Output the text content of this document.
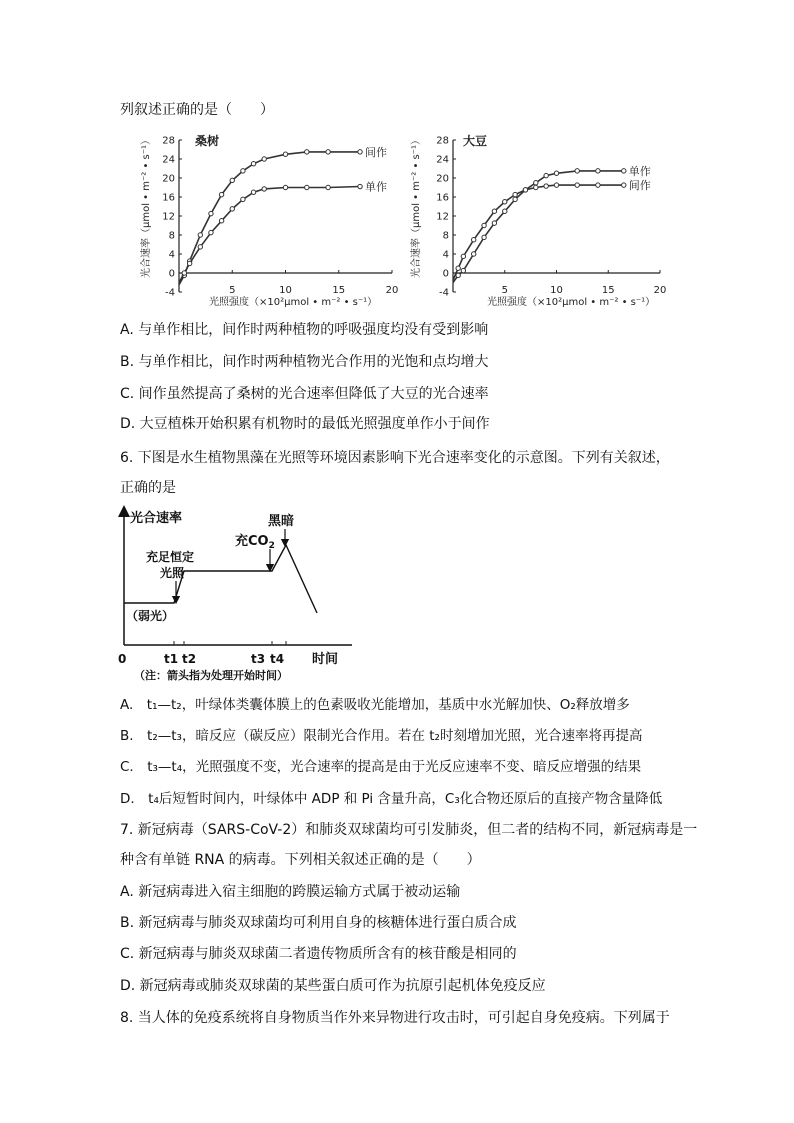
列叙述正确的是（　　）
桑树
光合速率（μmol • m⁻² • s⁻¹）
光照强度（×10²μmol • m⁻² • s⁻¹）
28
24
20
16
12
8
4
0
-4	5	10	15	20
间作
单作
大豆
光合速率（μmol • m⁻² • s⁻¹）
光照强度（×10²μmol • m⁻² • s⁻¹）
28
24
20
16
12
8
4
0
-4	5	10	15	20
单作
间作
A. 与单作相比，间作时两种植物的呼吸强度均没有受到影响
B. 与单作相比，间作时两种植物光合作用的光饱和点均增大
C. 间作虽然提高了桑树的光合速率但降低了大豆的光合速率
D. 大豆植株开始积累有机物时的最低光照强度单作小于间作
6. 下图是水生植物黑藻在光照等环境因素影响下光合速率变化的示意图。下列有关叙述，
正确的是
光合速率
时间
0
（弱光）
充足恒定
光照
充$CO_2$
黑暗
t1 t2	t3 t4
（注：箭头指为处理开始时间）
A.　t₁—t₂，叶绿体类囊体膜上的色素吸收光能增加，基质中水光解加快、O₂释放增多
B.　t₂—t₃，暗反应（碳反应）限制光合作用。若在 t₂时刻增加光照，光合速率将再提高
C.　t₃—t₄，光照强度不变，光合速率的提高是由于光反应速率不变、暗反应增强的结果
D.　t₄后短暂时间内，叶绿体中 ADP 和 Pi 含量升高，C₃化合物还原后的直接产物含量降低
7. 新冠病毒（SARS-CoV-2）和肺炎双球菌均可引发肺炎，但二者的结构不同，新冠病毒是一
种含有单链 RNA 的病毒。下列相关叙述正确的是（　　）
A. 新冠病毒进入宿主细胞的跨膜运输方式属于被动运输
B. 新冠病毒与肺炎双球菌均可利用自身的核糖体进行蛋白质合成
C. 新冠病毒与肺炎双球菌二者遗传物质所含有的核苷酸是相同的
D. 新冠病毒或肺炎双球菌的某些蛋白质可作为抗原引起机体免疫反应
8. 当人体的免疫系统将自身物质当作外来异物进行攻击时，可引起自身免疫病。下列属于
